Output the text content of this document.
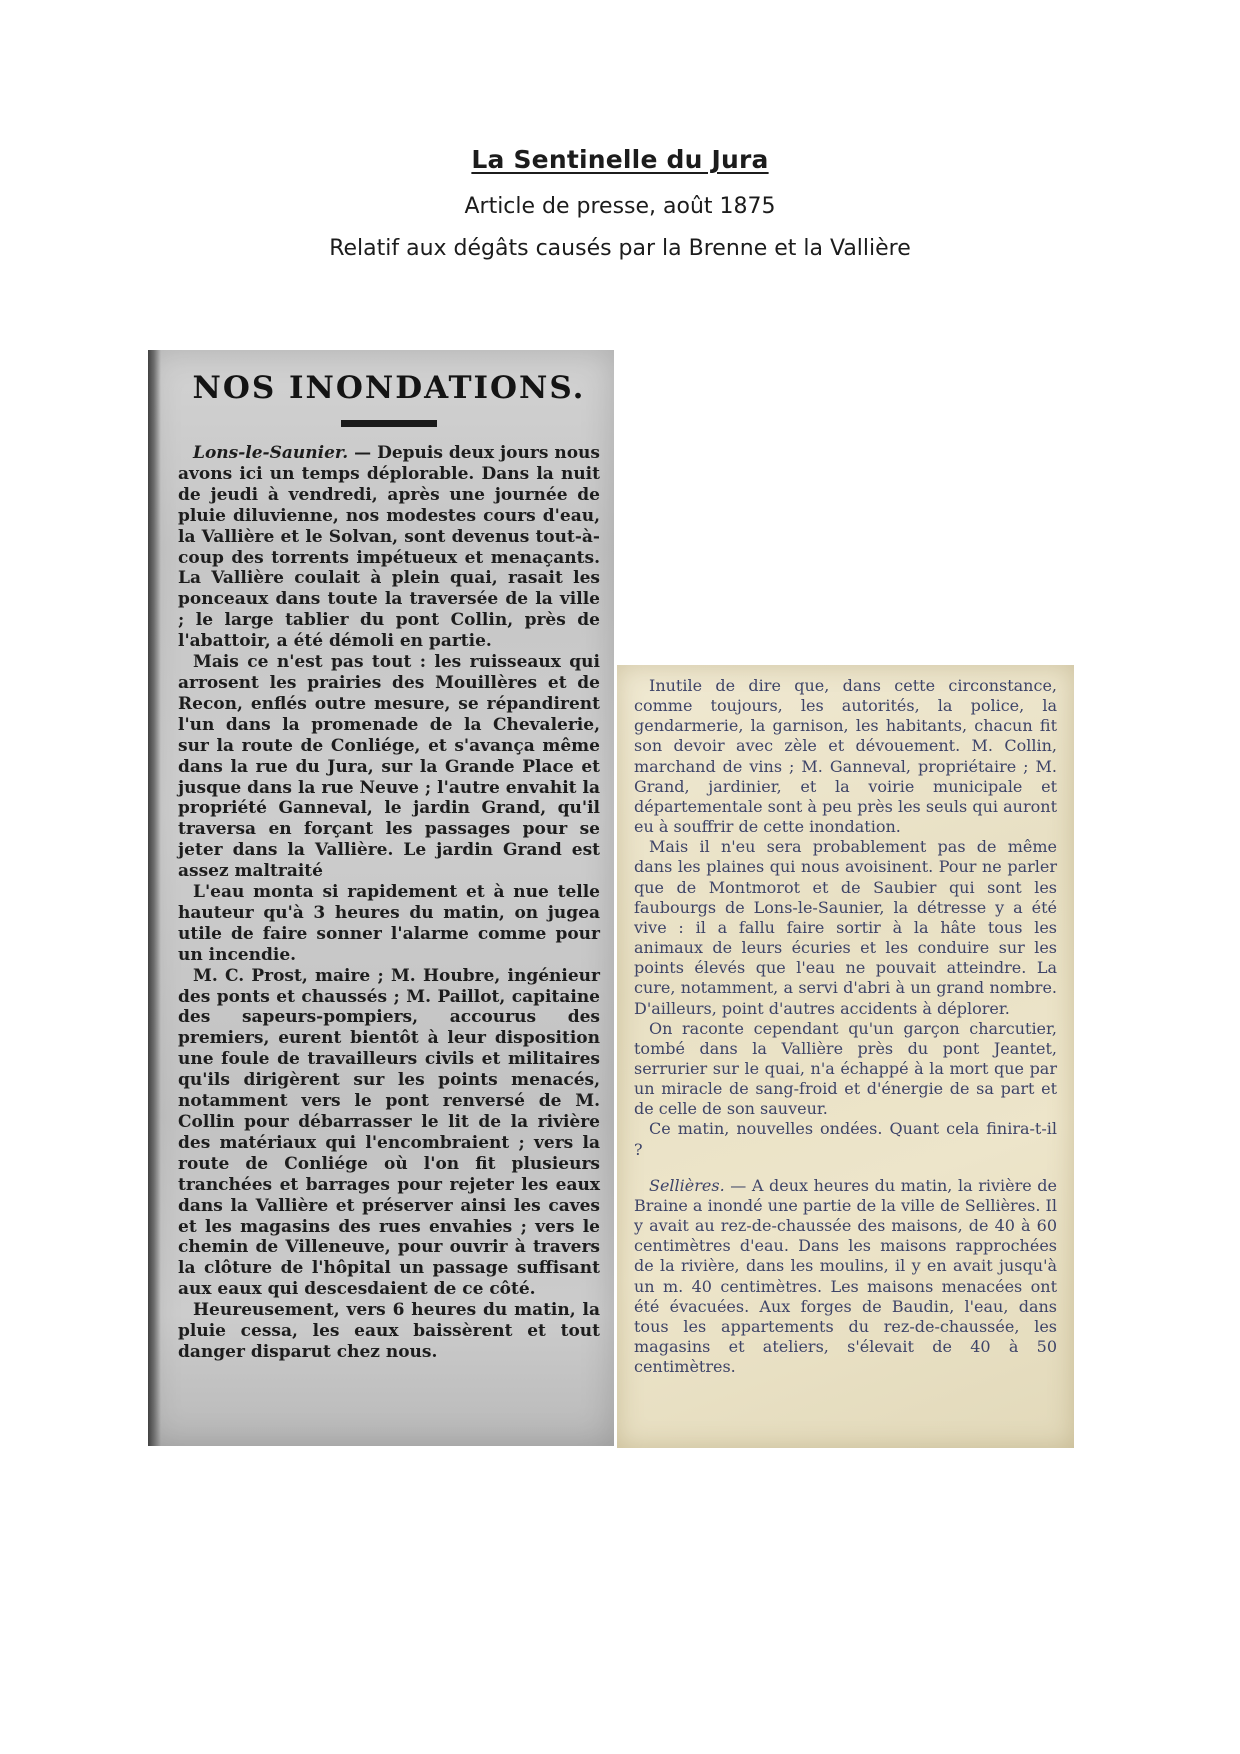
La Sentinelle du Jura

Article de presse, août 1875

Relatif aux dégâts causés par la Brenne et la Vallière

NOS INONDATIONS.

Lons-le-Saunier. — Depuis deux jours nous avons ici un temps déplorable. Dans la nuit de jeudi à vendredi, après une journée de pluie diluvienne, nos modestes cours d'eau, la Vallière et le Solvan, sont devenus tout-à-coup des torrents impétueux et menaçants. La Vallière coulait à plein quai, rasait les ponceaux dans toute la traversée de la ville ; le large tablier du pont Collin, près de l'abattoir, a été démoli en partie.

Mais ce n'est pas tout : les ruisseaux qui arrosent les prairies des Mouillères et de Recon, enflés outre mesure, se répandirent l'un dans la promenade de la Chevalerie, sur la route de Conliége, et s'avança même dans la rue du Jura, sur la Grande Place et jusque dans la rue Neuve ; l'autre envahit la propriété Ganneval, le jardin Grand, qu'il traversa en forçant les passages pour se jeter dans la Vallière. Le jardin Grand est assez maltraité

L'eau monta si rapidement et à nue telle hauteur qu'à 3 heures du matin, on jugea utile de faire sonner l'alarme comme pour un incendie.

M. C. Prost, maire ; M. Houbre, ingénieur des ponts et chaussés ; M. Paillot, capitaine des sapeurs-pompiers, accourus des premiers, eurent bientôt à leur disposition une foule de travailleurs civils et militaires qu'ils dirigèrent sur les points menacés, notamment vers le pont renversé de M. Collin pour débarrasser le lit de la rivière des matériaux qui l'encombraient ; vers la route de Conliége où l'on fit plusieurs tranchées et barrages pour rejeter les eaux dans la Vallière et préserver ainsi les caves et les magasins des rues envahies ; vers le chemin de Villeneuve, pour ouvrir à travers la clôture de l'hôpital un passage suffisant aux eaux qui descesdaient de ce côté.

Heureusement, vers 6 heures du matin, la pluie cessa, les eaux baissèrent et tout danger disparut chez nous.

Inutile de dire que, dans cette circonstance, comme toujours, les autorités, la police, la gendarmerie, la garnison, les habitants, chacun fit son devoir avec zèle et dévouement. M. Collin, marchand de vins ; M. Ganneval, propriétaire ; M. Grand, jardinier, et la voirie municipale et départementale sont à peu près les seuls qui auront eu à souffrir de cette inondation.

Mais il n'eu sera probablement pas de même dans les plaines qui nous avoisinent. Pour ne parler que de Montmorot et de Saubier qui sont les faubourgs de Lons-le-Saunier, la détresse y a été vive : il a fallu faire sortir à la hâte tous les animaux de leurs écuries et les conduire sur les points élevés que l'eau ne pouvait atteindre. La cure, notamment, a servi d'abri à un grand nombre. D'ailleurs, point d'autres accidents à déplorer.

On raconte cependant qu'un garçon charcutier, tombé dans la Vallière près du pont Jeantet, serrurier sur le quai, n'a échappé à la mort que par un miracle de sang-froid et d'énergie de sa part et de celle de son sauveur.

Ce matin, nouvelles ondées. Quant cela finira-t-il ?

Sellières. — A deux heures du matin, la rivière de Braine a inondé une partie de la ville de Sellières. Il y avait au rez-de-chaussée des maisons, de 40 à 60 centimètres d'eau. Dans les maisons rapprochées de la rivière, dans les moulins, il y en avait jusqu'à un m. 40 centimètres. Les maisons menacées ont été évacuées. Aux forges de Baudin, l'eau, dans tous les appartements du rez-de-chaussée, les magasins et ateliers, s'élevait de 40 à 50 centimètres.
